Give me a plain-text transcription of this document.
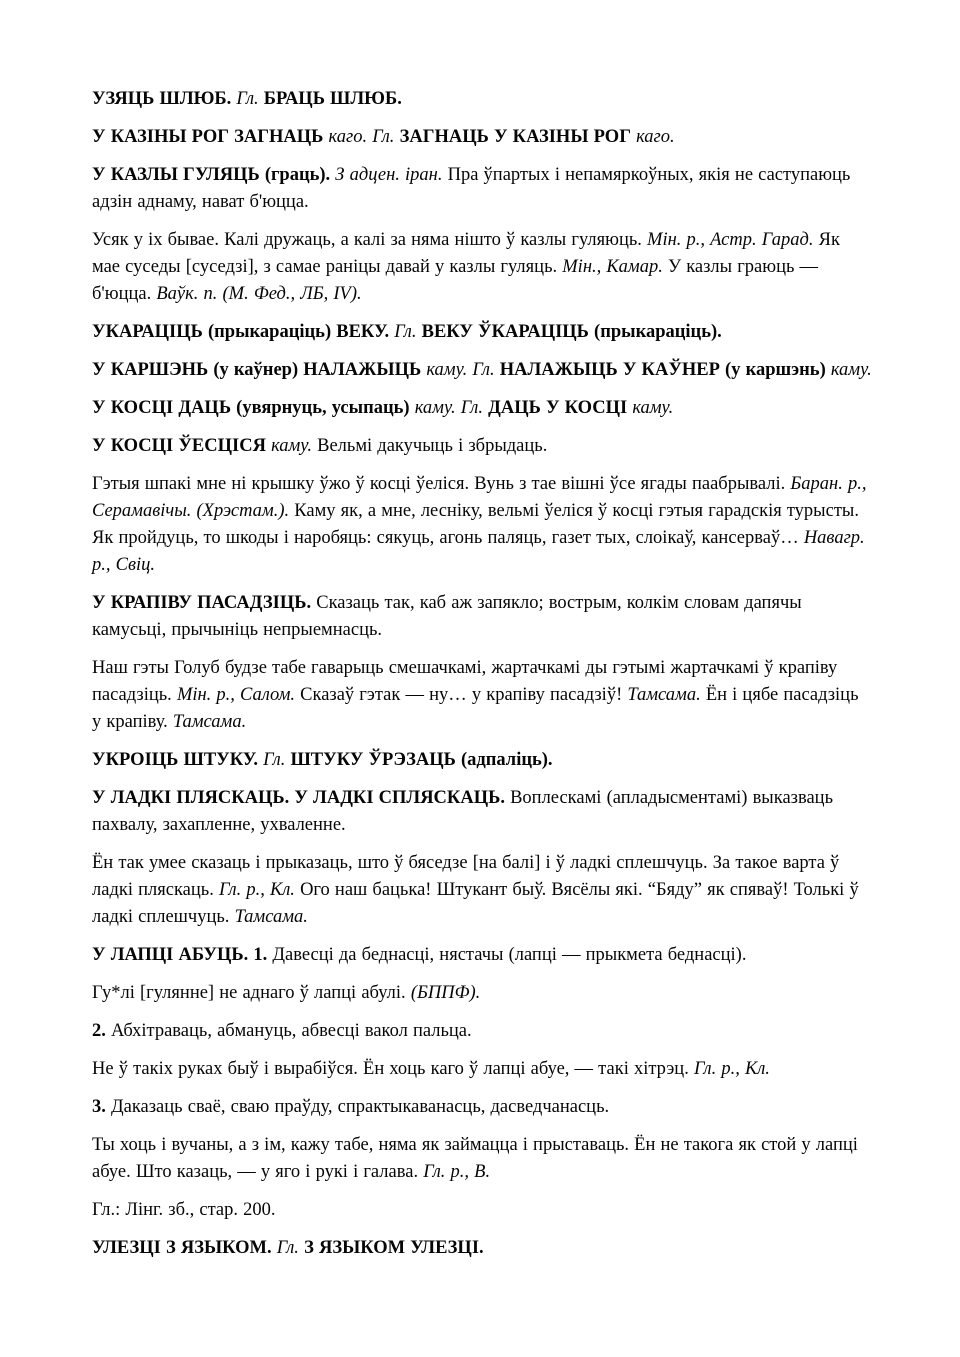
УЗЯЦЬ ШЛЮБ. Гл. БРАЦЬ ШЛЮБ.

У КАЗІНЫ РОГ ЗАГНАЦЬ каго. Гл. ЗАГНАЦЬ У КАЗІНЫ РОГ каго.

У КАЗЛЫ ГУЛЯЦЬ (граць). З адцен. іран. Пра ўпартых і непамяркоўных, якія не саступаюць адзін аднаму, нават б'юцца.

Усяк у іх бывае. Калі дружаць, а калі за няма нішто ў казлы гуляюць. Мін. р., Астр. Гарад. Як мае суседы [суседзі], з самае раніцы давай у казлы гуляць. Мін., Камар. У казлы граюць — б'юцца. Ваўк. п. (М. Фед., ЛБ, IV).

УКАРАЦІЦЬ (прыкараціць) ВЕКУ. Гл. ВЕКУ ЎКАРАЦІЦЬ (прыкараціць).

У КАРШЭНЬ (у каўнер) НАЛАЖЫЦЬ каму. Гл. НАЛАЖЫЦЬ У КАЎНЕР (у каршэнь) каму.

У КОСЦІ ДАЦЬ (увярнуць, усыпаць) каму. Гл. ДАЦЬ У КОСЦІ каму.

У КОСЦІ ЎЕСЦІСЯ каму. Вельмі дакучыць і збрыдаць.

Гэтыя шпакі мне ні крышку ўжо ў косці ўеліся. Вунь з тае вішні ўсе ягады паабрывалі. Баран. р., Серамавічы. (Хрэстам.). Каму як, а мне, лесніку, вельмі ўеліся ў косці гэтыя гарадскія турысты. Як пройдуць, то шкоды і наробяць: сякуць, агонь паляць, газет тых, слоікаў, кансерваў… Навагр. р., Свіц.

У КРАПІВУ ПАСАДЗІЦЬ. Сказаць так, каб аж запякло; вострым, колкім словам дапячы камусьці, прычыніць непрыемнасць.

Наш гэты Голуб будзе табе гаварыць смешачкамі, жартачкамі ды гэтымі жартачкамі ў крапіву пасадзіць. Мін. р., Салом. Сказаў гэтак — ну… у крапіву пасадзіў! Тамсама. Ён і цябе пасадзіць у крапіву. Тамсама.

УКРОІЦЬ ШТУКУ. Гл. ШТУКУ ЎРЭЗАЦЬ (адпаліць).

У ЛАДКІ ПЛЯСКАЦЬ. У ЛАДКІ СПЛЯСКАЦЬ. Воплескамі (апладысментамі) выказваць пахвалу, захапленне, ухваленне.

Ён так умее сказаць і прыказаць, што ў бяседзе [на балі] і ў ладкі сплешчуць. За такое варта ў ладкі пляскаць. Гл. р., Кл. Ого наш бацька! Штукант быў. Вясёлы які. “Бяду” як спяваў! Толькі ў ладкі сплешчуць. Тамсама.

У ЛАПЦІ АБУЦЬ. 1. Давесці да беднасці, нястачы (лапці — прыкмета беднасці).

Гу*лі [гулянне] не аднаго ў лапці абулі. (БППФ).

2. Абхітраваць, абмануць, абвесці вакол пальца.

Не ў такіх руках быў і вырабіўся. Ён хоць каго ў лапці абуе, — такі хітрэц. Гл. р., Кл.

3. Даказаць сваё, сваю праўду, спрактыкаванасць, дасведчанасць.

Ты хоць і вучаны, а з ім, кажу табе, няма як займацца і прыставаць. Ён не такога як стой у лапці абуе. Што казаць, — у яго і рукі і галава. Гл. р., В.

Гл.: Лінг. зб., стар. 200.

УЛЕЗЦІ З ЯЗЫКОМ. Гл. З ЯЗЫКОМ УЛЕЗЦІ.
